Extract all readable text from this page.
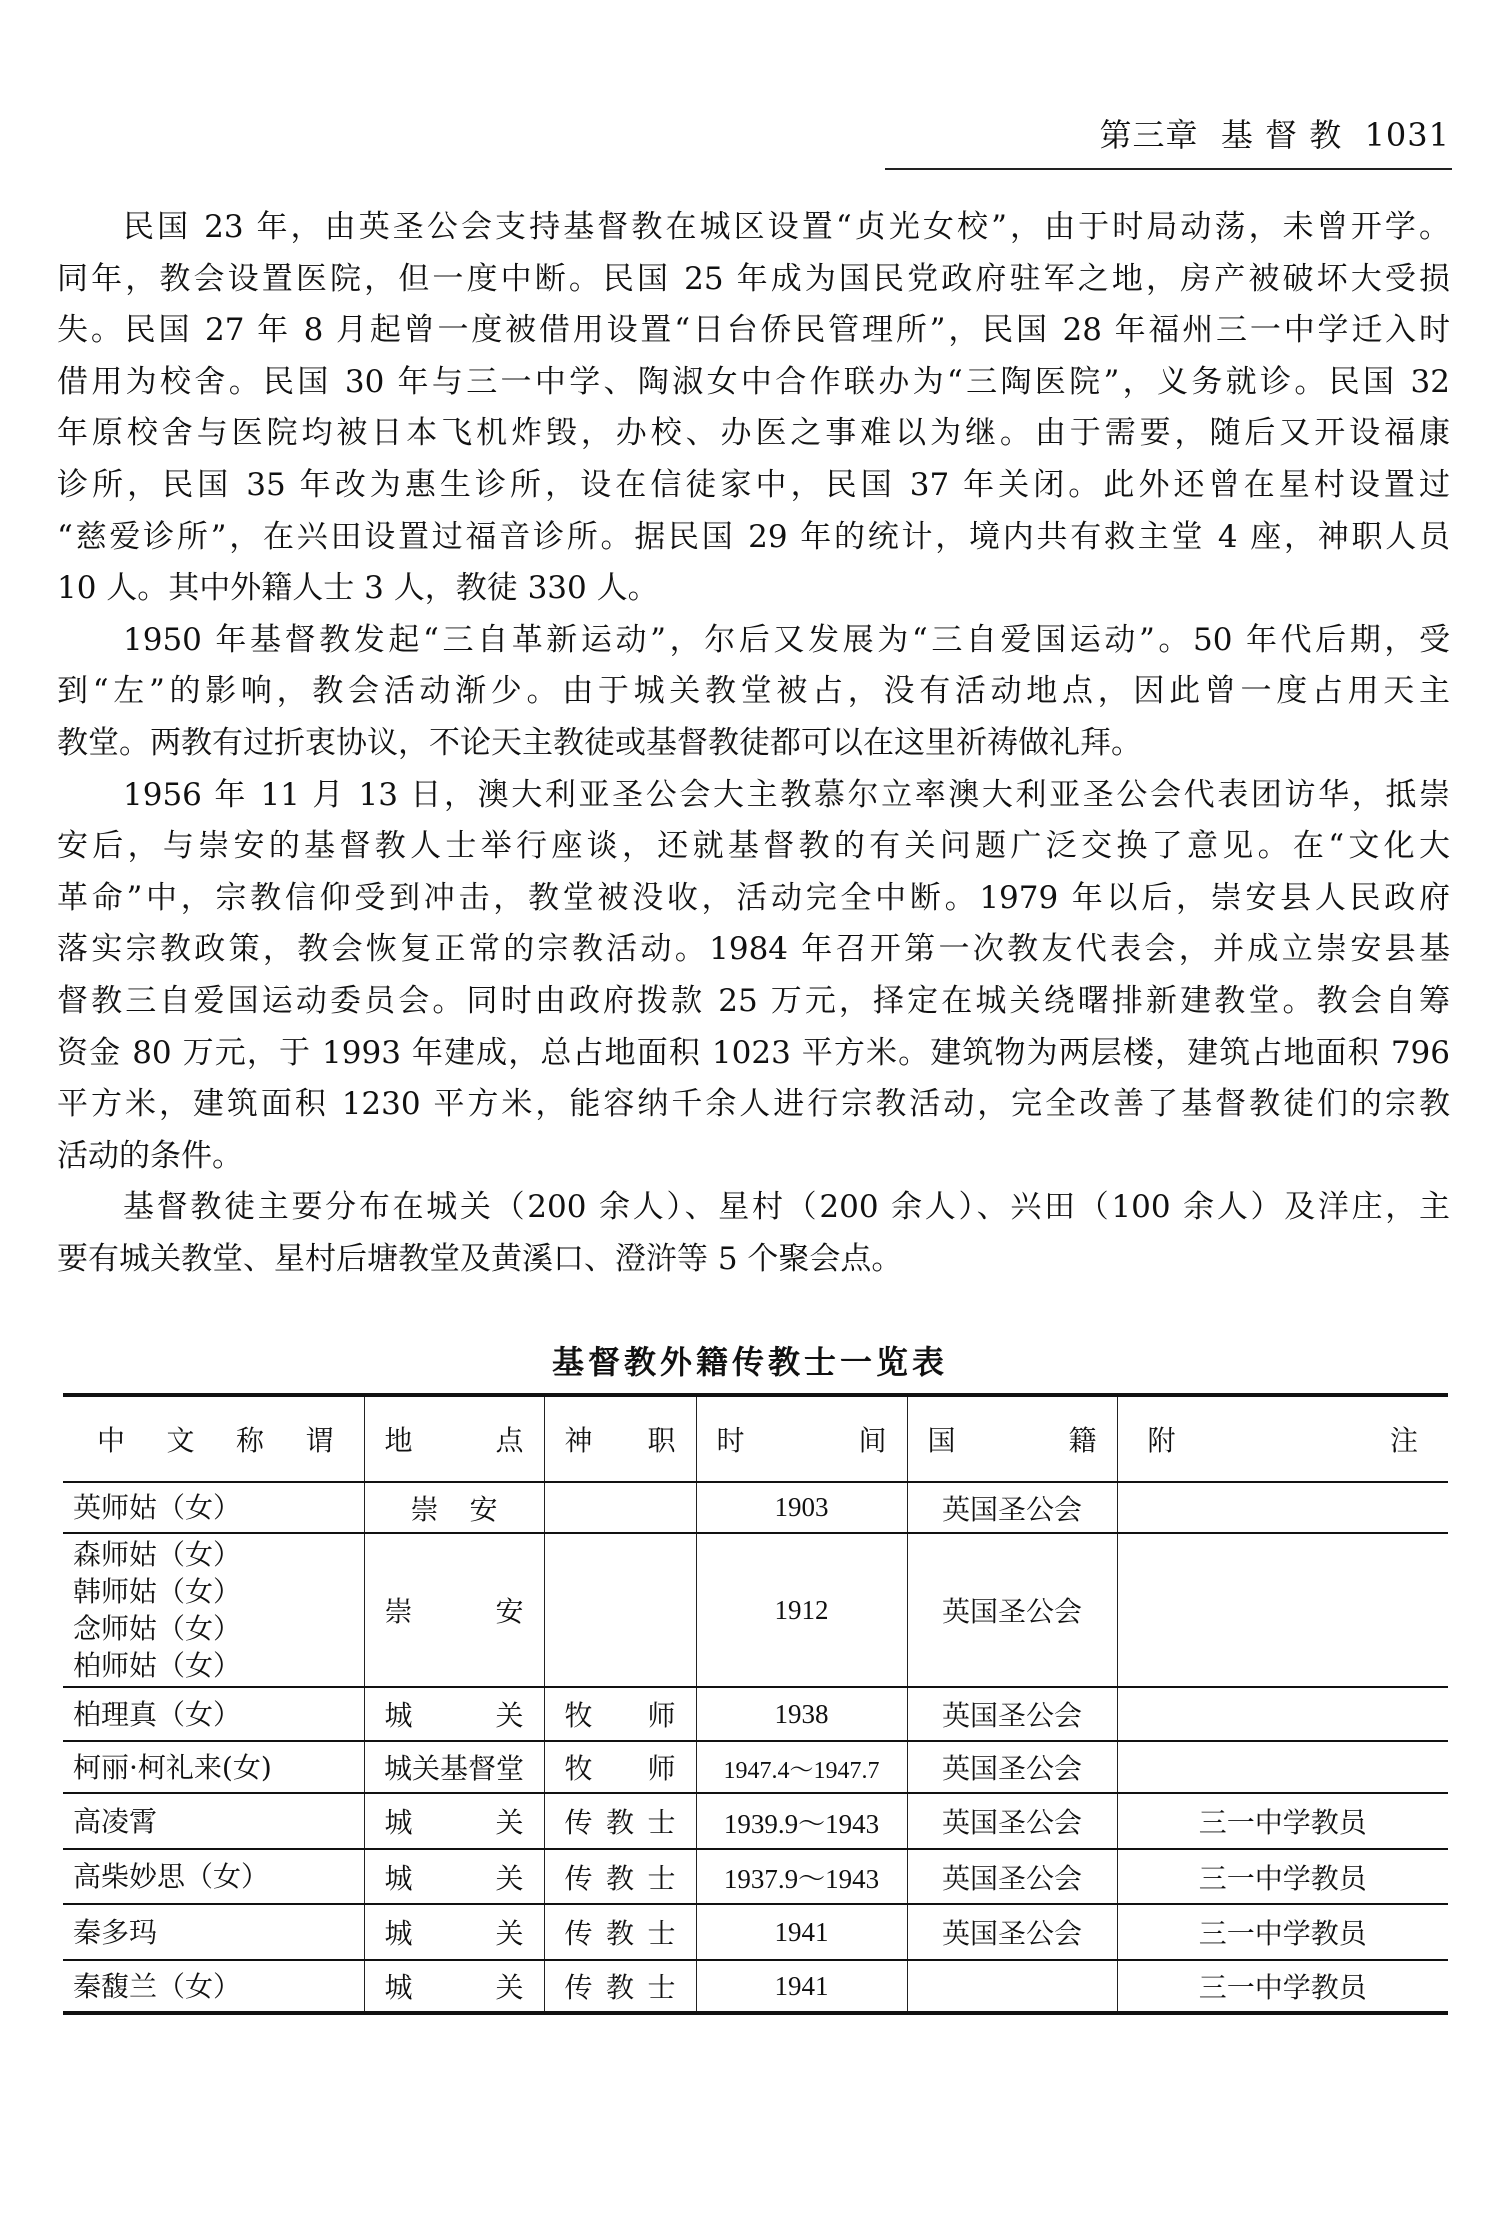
第三章 基 督 教 1031
民国 23 年，由英圣公会支持基督教在城区设置“贞光女校”，由于时局动荡，未曾开学。
同年，教会设置医院，但一度中断。民国 25 年成为国民党政府驻军之地，房产被破坏大受损
失。民国 27 年 8 月起曾一度被借用设置“日台侨民管理所”，民国 28 年福州三一中学迁入时
借用为校舍。民国 30 年与三一中学、陶淑女中合作联办为“三陶医院”，义务就诊。民国 32
年原校舍与医院均被日本飞机炸毁，办校、办医之事难以为继。由于需要，随后又开设福康
诊所，民国 35 年改为惠生诊所，设在信徒家中，民国 37 年关闭。此外还曾在星村设置过
“慈爱诊所”，在兴田设置过福音诊所。据民国 29 年的统计，境内共有救主堂 4 座，神职人员
10 人。其中外籍人士 3 人，教徒 330 人。
1950 年基督教发起“三自革新运动”，尔后又发展为“三自爱国运动”。50 年代后期，受
到“左”的影响，教会活动渐少。由于城关教堂被占，没有活动地点，因此曾一度占用天主
教堂。两教有过折衷协议，不论天主教徒或基督教徒都可以在这里祈祷做礼拜。
1956 年 11 月 13 日，澳大利亚圣公会大主教慕尔立率澳大利亚圣公会代表团访华，抵崇
安后，与崇安的基督教人士举行座谈，还就基督教的有关问题广泛交换了意见。在“文化大
革命”中，宗教信仰受到冲击，教堂被没收，活动完全中断。1979 年以后，崇安县人民政府
落实宗教政策，教会恢复正常的宗教活动。1984 年召开第一次教友代表会，并成立崇安县基
督教三自爱国运动委员会。同时由政府拨款 25 万元，择定在城关绕曙排新建教堂。教会自筹
资金 80 万元，于 1993 年建成，总占地面积 1023 平方米。建筑物为两层楼，建筑占地面积 796
平方米，建筑面积 1230 平方米，能容纳千余人进行宗教活动，完全改善了基督教徒们的宗教
活动的条件。
基督教徒主要分布在城关（200 余人）、星村（200 余人）、兴田（100 余人）及洋庄，主
要有城关教堂、星村后塘教堂及黄溪口、澄浒等 5 个聚会点。
基督教外籍传教士一览表
中 文 称 谓	地 点	神 职	时 间	国 籍	附 注

英师姑（女）	崇 安		1903	英国圣公会	

森师姑（女）
韩师姑（女）
念师姑（女）
柏师姑（女）	崇 安		1912	英国圣公会	

柏理真（女）	城 关	牧 师	1938	英国圣公会	

柯丽·柯礼来(女)	城关基督堂	牧 师	1947.4～1947.7	英国圣公会	

高凌霄	城 关	传 教 士	1939.9～1943	英国圣公会	三一中学教员

高柴妙思（女）	城 关	传 教 士	1937.9～1943	英国圣公会	三一中学教员

秦多玛	城 关	传 教 士	1941	英国圣公会	三一中学教员

秦馥兰（女）	城 关	传 教 士	1941		三一中学教员
